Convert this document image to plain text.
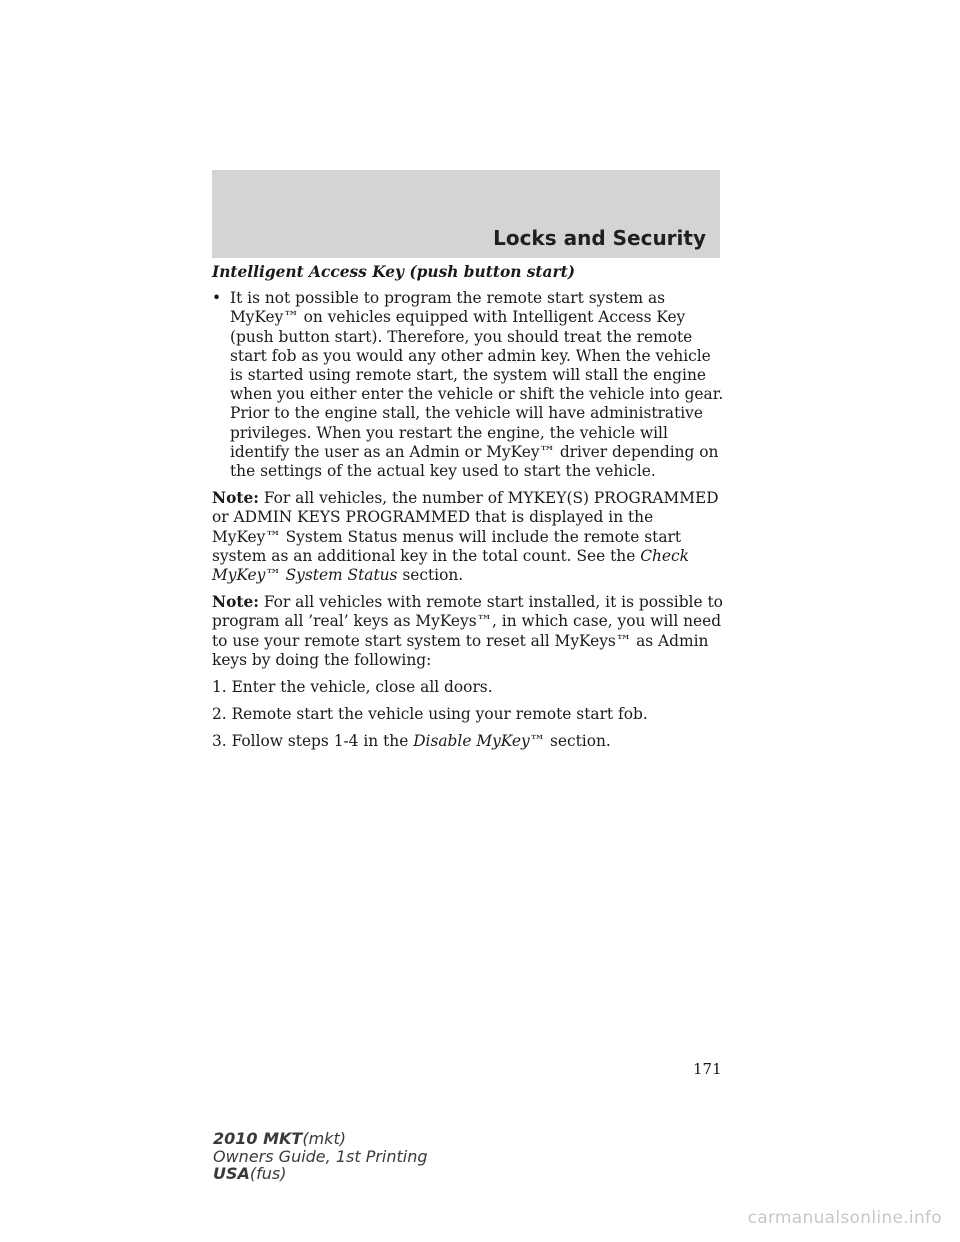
Locks and Security

Intelligent Access Key (push button start)

• It is not possible to program the remote start system as MyKey™ on vehicles equipped with Intelligent Access Key (push button start). Therefore, you should treat the remote start fob as you would any other admin key. When the vehicle is started using remote start, the system will stall the engine when you either enter the vehicle or shift the vehicle into gear. Prior to the engine stall, the vehicle will have administrative privileges. When you restart the engine, the vehicle will identify the user as an Admin or MyKey™ driver depending on the settings of the actual key used to start the vehicle.

Note: For all vehicles, the number of MYKEY(S) PROGRAMMED or ADMIN KEYS PROGRAMMED that is displayed in the MyKey™ System Status menus will include the remote start system as an additional key in the total count. See the Check MyKey™ System Status section.

Note: For all vehicles with remote start installed, it is possible to program all ’real’ keys as MyKeys™, in which case, you will need to use your remote start system to reset all MyKeys™ as Admin keys by doing the following:

1. Enter the vehicle, close all doors.

2. Remote start the vehicle using your remote start fob.

3. Follow steps 1-4 in the Disable MyKey™ section.

171
2010 MKT(mkt)
Owners Guide, 1st Printing
USA(fus)
carmanualsonline.info
